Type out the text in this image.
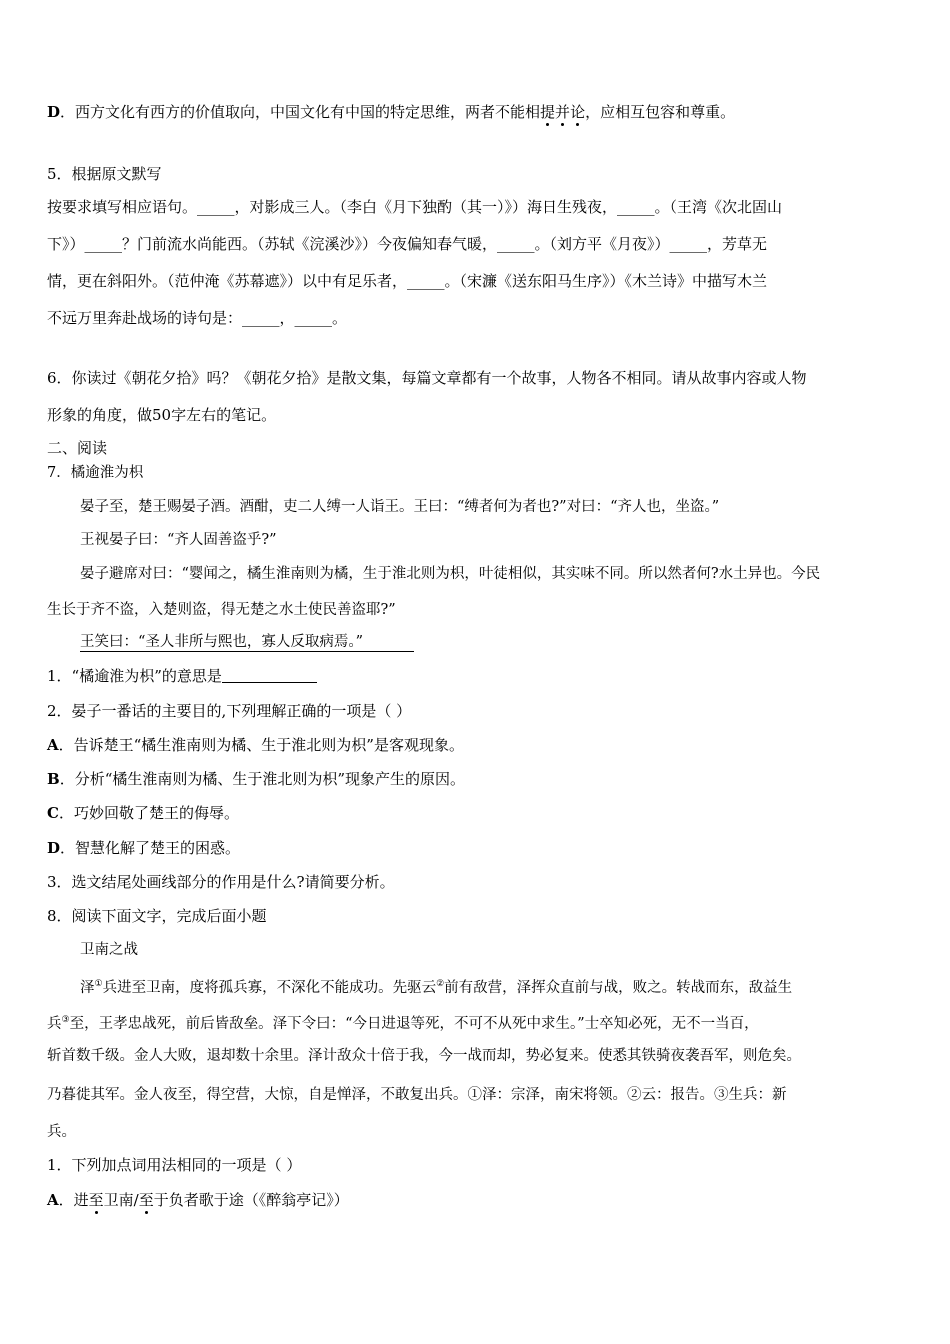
D．西方文化有西方的价值取向，中国文化有中国的特定思维，两者不能相提并论，应相互包容和尊重。
5．根据原文默写
按要求填写相应语句。_____，对影成三人。（李白《月下独酌（其一）》）海日生残夜，_____。（王湾《次北固山
下》）_____？门前流水尚能西。（苏轼《浣溪沙》）今夜偏知春气暖，_____。（刘方平《月夜》）_____，芳草无
情，更在斜阳外。（范仲淹《苏幕遮》）以中有足乐者，_____。（宋濂《送东阳马生序》）《木兰诗》中描写木兰
不远万里奔赴战场的诗句是：_____，_____。
6．你读过《朝花夕拾》吗？《朝花夕拾》是散文集，每篇文章都有一个故事，人物各不相同。请从故事内容或人物
形象的角度，做50字左右的笔记。
二、阅读
7．橘逾淮为枳
晏子至，楚王赐晏子酒。酒酣，吏二人缚一人诣王。王曰：“缚者何为者也?”对曰：“齐人也，坐盗。”
王视晏子曰：“齐人固善盗乎?”
晏子避席对曰：“婴闻之，橘生淮南则为橘，生于淮北则为枳，叶徒相似，其实味不同。所以然者何?水土异也。今民
生长于齐不盗，入楚则盗，得无楚之水土使民善盗耶?”
王笑曰：“圣人非所与熙也，寡人反取病焉。”
1．“橘逾淮为枳”的意思是
2．晏子一番话的主要目的,下列理解正确的一项是（ ）
A．告诉楚王“橘生淮南则为橘、生于淮北则为枳”是客观现象。
B．分析“橘生淮南则为橘、生于淮北则为枳”现象产生的原因。
C．巧妙回敬了楚王的侮辱。
D．智慧化解了楚王的困惑。
3．选文结尾处画线部分的作用是什么?请简要分析。
8．阅读下面文字，完成后面小题
卫南之战
泽①兵进至卫南，度将孤兵寡，不深化不能成功。先驱云②前有敌营，泽挥众直前与战，败之。转战而东，敌益生
兵③至，王孝忠战死，前后皆敌垒。泽下令曰：“今日进退等死，不可不从死中求生。”士卒知必死，无不一当百，
斩首数千级。金人大败，退却数十余里。泽计敌众十倍于我，今一战而却，势必复来。使悉其铁骑夜袭吾军，则危矣。
乃暮徙其军。金人夜至，得空营，大惊，自是惮泽，不敢复出兵。①泽：宗泽，南宋将领。②云：报告。③生兵：新
兵。
1．下列加点词用法相同的一项是（ ）
A．进至卫南/至于负者歌于途（《醉翁亭记》）
